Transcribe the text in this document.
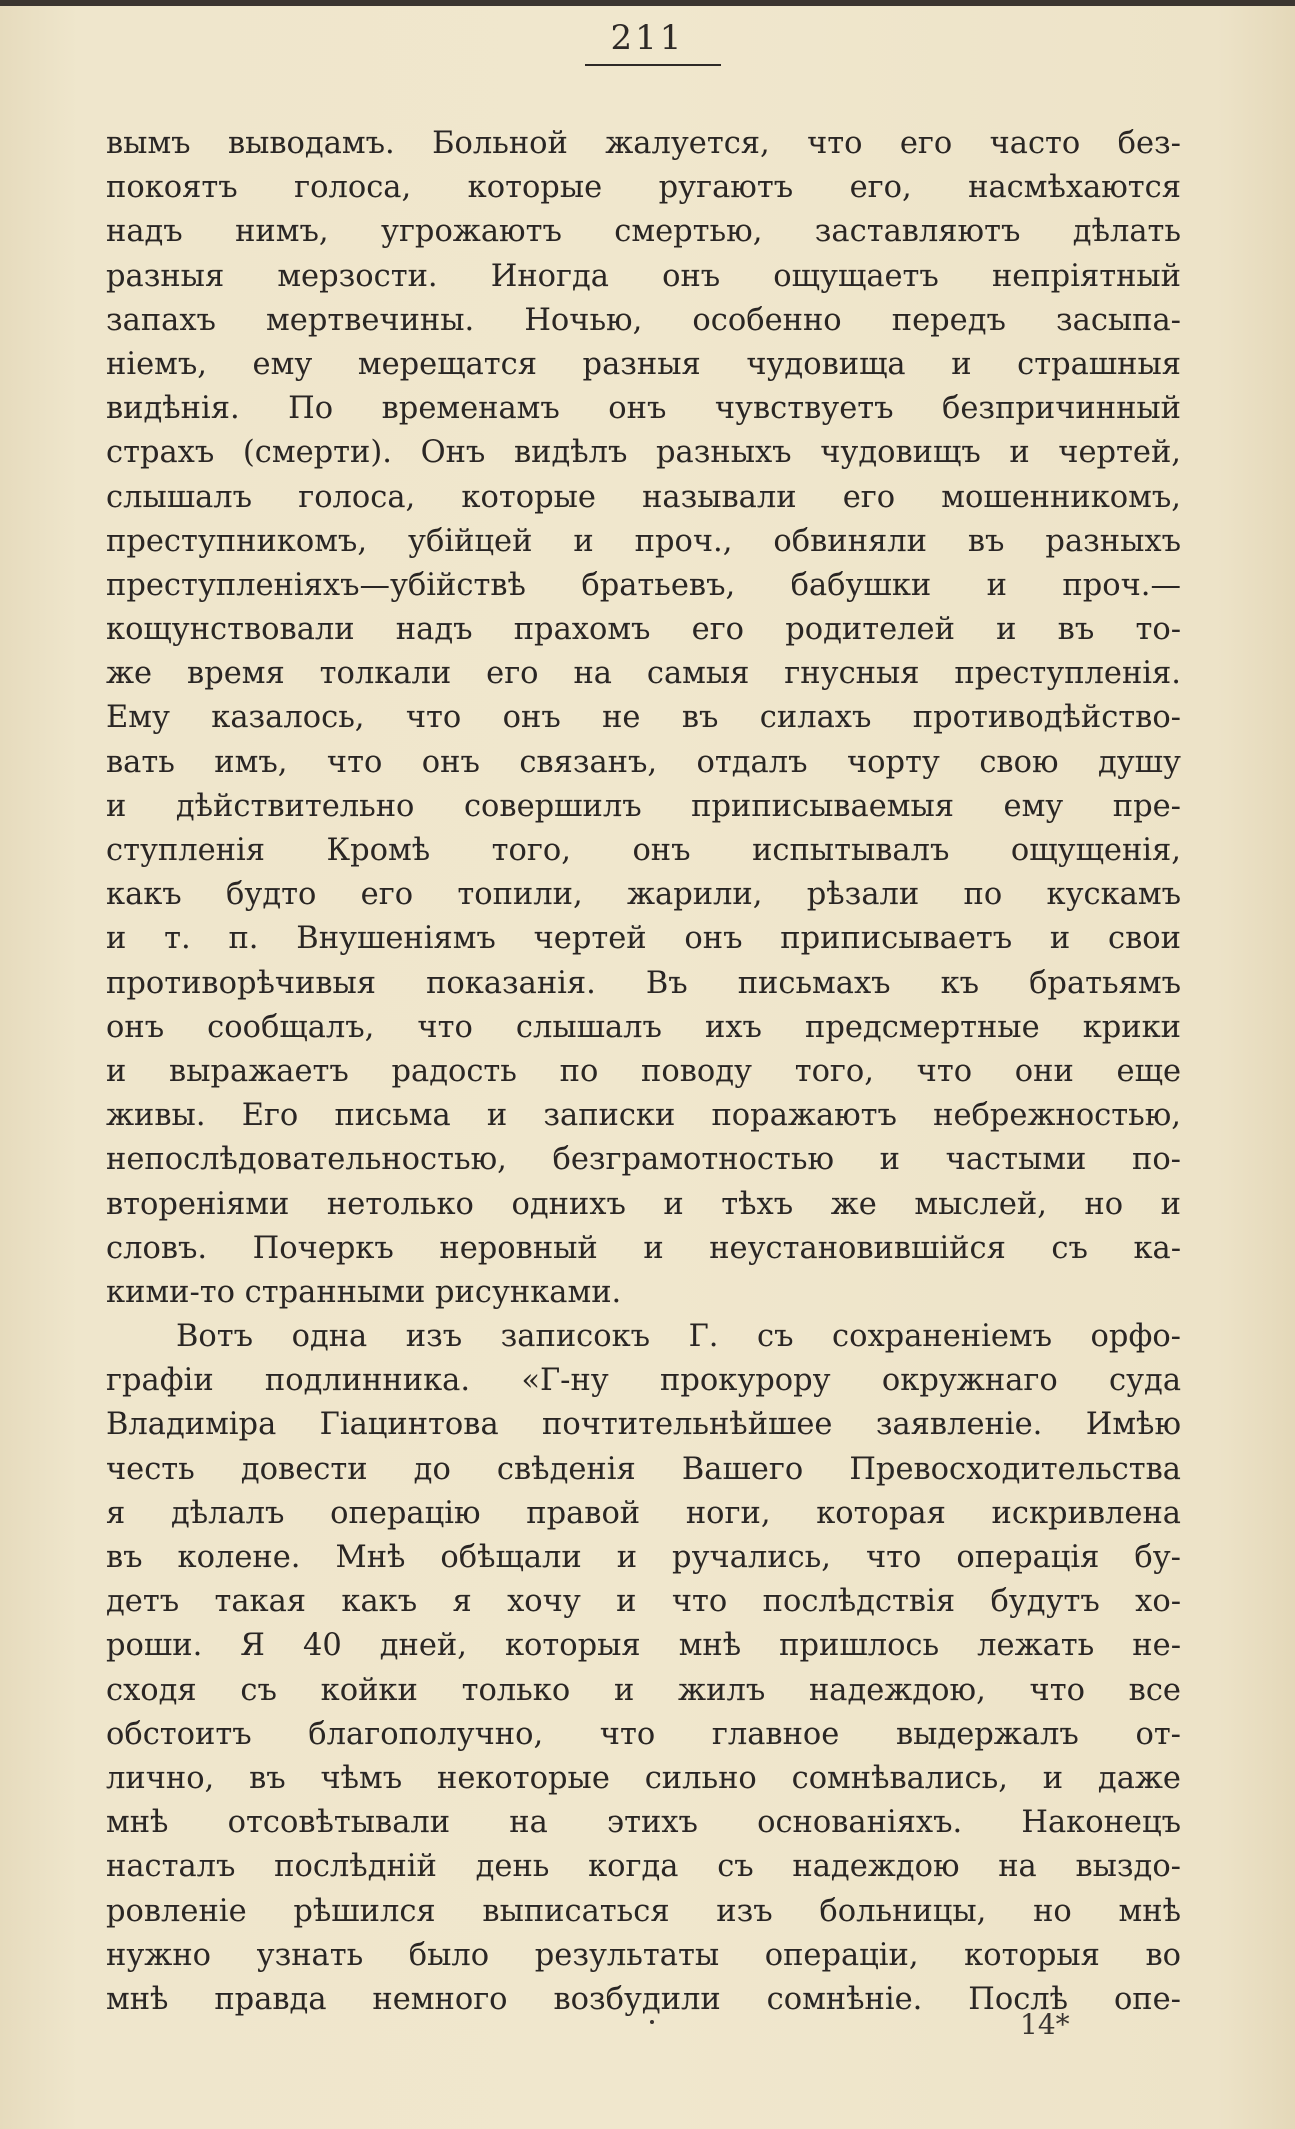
211
вымъ выводамъ. Больной жалуется, что его часто без-
покоятъ голоса, которые ругаютъ его, насмѣхаются
надъ нимъ, угрожаютъ смертью, заставляютъ дѣлать
разныя мерзости. Иногда онъ ощущаетъ непріятный
запахъ мертвечины. Ночью, особенно передъ засыпа-
ніемъ, ему мерещатся разныя чудовища и страшныя
видѣнія. По временамъ онъ чувствуетъ безпричинный
страхъ (смерти). Онъ видѣлъ разныхъ чудовищъ и чертей,
слышалъ голоса, которые называли его мошенникомъ,
преступникомъ, убійцей и проч., обвиняли въ разныхъ
преступленіяхъ—убійствѣ братьевъ, бабушки и проч.—
кощунствовали надъ прахомъ его родителей и въ то-
же время толкали его на самыя гнусныя преступленія.
Ему казалось, что онъ не въ силахъ противодѣйство-
вать имъ, что онъ связанъ, отдалъ чорту свою душу
и дѣйствительно совершилъ приписываемыя ему пре-
ступленія Кромѣ того, онъ испытывалъ ощущенія,
какъ будто его топили, жарили, рѣзали по кускамъ
и т. п. Внушеніямъ чертей онъ приписываетъ и свои
противорѣчивыя показанія. Въ письмахъ къ братьямъ
онъ сообщалъ, что слышалъ ихъ предсмертные крики
и выражаетъ радость по поводу того, что они еще
живы. Его письма и записки поражаютъ небрежностью,
непослѣдовательностью, безграмотностью и частыми по-
втореніями нетолько однихъ и тѣхъ же мыслей, но и
словъ. Почеркъ неровный и неустановившійся съ ка-
кими-то странными рисунками.
Вотъ одна изъ записокъ Г. съ сохраненіемъ орфо-
графіи подлинника. «Г-ну прокурору окружнаго суда
Владиміра Гіацинтова почтительнѣйшее заявленіе. Имѣю
честь довести до свѣденія Вашего Превосходительства
я дѣлалъ операцію правой ноги, которая искривлена
въ колене. Мнѣ обѣщали и ручались, что операція бу-
детъ такая какъ я хочу и что послѣдствія будутъ хо-
роши. Я 40 дней, которыя мнѣ пришлось лежать не-
сходя съ койки только и жилъ надеждою, что все
обстоитъ благополучно, что главное выдержалъ от-
лично, въ чѣмъ некоторые сильно сомнѣвались, и даже
мнѣ отсовѣтывали на этихъ основаніяхъ. Наконецъ
насталъ послѣдній день когда съ надеждою на выздо-
ровленіе рѣшился выписаться изъ больницы, но мнѣ
нужно узнать было результаты операціи, которыя во
мнѣ правда немного возбудили сомнѣніе. Послѣ опе-
14*
